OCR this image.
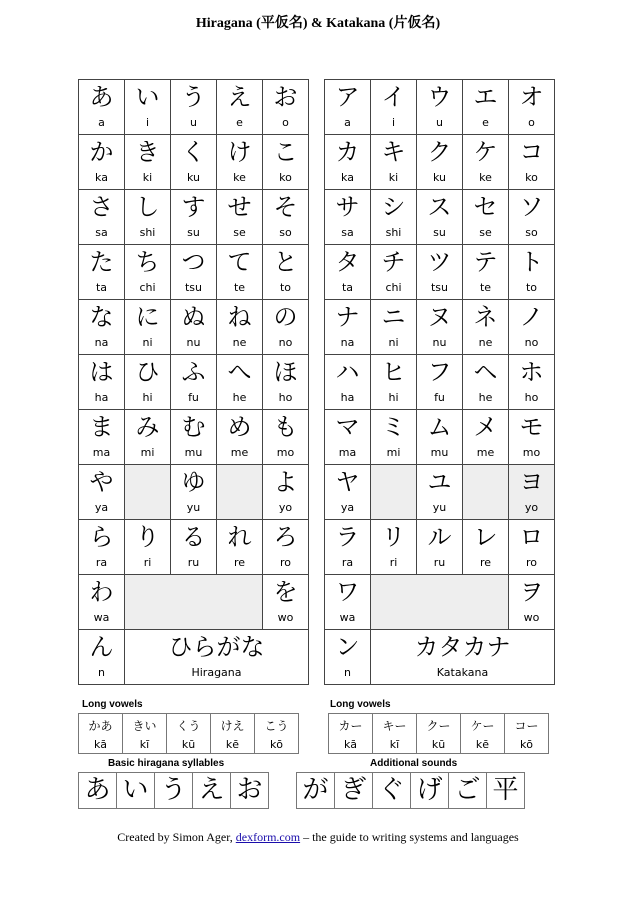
Hiragana (平仮名) & Katakana (片仮名)
あ
a
い
i
う
u
え
e
お
o
か
ka
き
ki
く
ku
け
ke
こ
ko
さ
sa
し
shi
す
su
せ
se
そ
so
た
ta
ち
chi
つ
tsu
て
te
と
to
な
na
に
ni
ぬ
nu
ね
ne
の
no
は
ha
ひ
hi
ふ
fu
へ
he
ほ
ho
ま
ma
み
mi
む
mu
め
me
も
mo
や
ya
ゆ
yu
よ
yo
ら
ra
り
ri
る
ru
れ
re
ろ
ro
わ
wa
を
wo
ん
n
ひらがな
Hiragana
ア
a
イ
i
ウ
u
エ
e
オ
o
カ
ka
キ
ki
ク
ku
ケ
ke
コ
ko
サ
sa
シ
shi
ス
su
セ
se
ソ
so
タ
ta
チ
chi
ツ
tsu
テ
te
ト
to
ナ
na
ニ
ni
ヌ
nu
ネ
ne
ノ
no
ハ
ha
ヒ
hi
フ
fu
ヘ
he
ホ
ho
マ
ma
ミ
mi
ム
mu
メ
me
モ
mo
ヤ
ya
ユ
yu
ヨ
yo
ラ
ra
リ
ri
ル
ru
レ
re
ロ
ro
ワ
wa
ヲ
wo
ン
n
カタカナ
Katakana
Long vowels	Long vowels
かあ
kā
きい
kī
くう
kū
けえ
kē
こう
kō
カー
kā
キー
kī
クー
kū
ケー
kē
コー
kō
Basic hiragana syllables	Additional sounds
あ い う え お が ぎ ぐ げ ご 平
Created by Simon Ager, dexform.com – the guide to writing systems and languages
